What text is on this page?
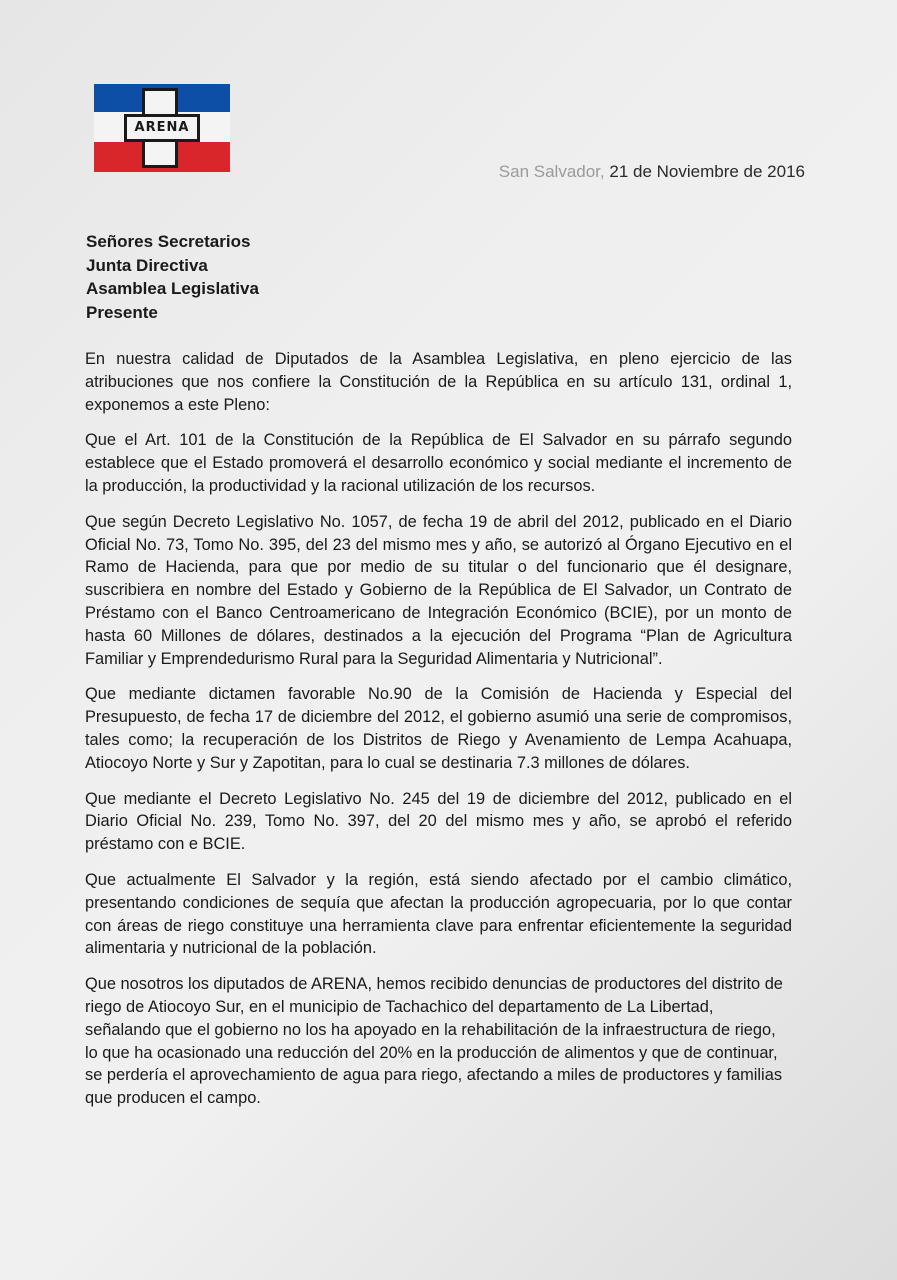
ARENA
San Salvador, 21 de Noviembre de 2016
Señores Secretarios
Junta Directiva
Asamblea Legislativa
Presente

En nuestra calidad de Diputados de la Asamblea Legislativa, en pleno ejercicio de las atribuciones que nos confiere la Constitución de la República en su artículo 131, ordinal 1, exponemos a este Pleno:

Que el Art. 101 de la Constitución de la República de El Salvador en su párrafo segundo establece que el Estado promoverá el desarrollo económico y social mediante el incremento de la producción, la productividad y la racional utilización de los recursos.

Que según Decreto Legislativo No. 1057, de fecha 19 de abril del 2012, publicado en el Diario Oficial No. 73, Tomo No. 395, del 23 del mismo mes y año, se autorizó al Órgano Ejecutivo en el Ramo de Hacienda, para que por medio de su titular o del funcionario que él designare, suscribiera en nombre del Estado y Gobierno de la República de El Salvador, un Contrato de Préstamo con el Banco Centroamericano de Integración Económico (BCIE), por un monto de hasta 60 Millones de dólares, destinados a la ejecución del Programa “Plan de Agricultura Familiar y Emprendedurismo Rural para la Seguridad Alimentaria y Nutricional”.

Que mediante dictamen favorable No.90 de la Comisión de Hacienda y Especial del Presupuesto, de fecha 17 de diciembre del 2012, el gobierno asumió una serie de compromisos, tales como; la recuperación de los Distritos de Riego y Avenamiento de Lempa Acahuapa, Atiocoyo Norte y Sur y Zapotitan, para lo cual se destinaria 7.3 millones de dólares.

Que mediante el Decreto Legislativo No. 245 del 19 de diciembre del 2012, publicado en el Diario Oficial No. 239, Tomo No. 397, del 20 del mismo mes y año, se aprobó el referido préstamo con e BCIE.

Que actualmente El Salvador y la región, está siendo afectado por el cambio climático, presentando condiciones de sequía que afectan la producción agropecuaria, por lo que contar con áreas de riego constituye una herramienta clave para enfrentar eficientemente la seguridad alimentaria y nutricional de la población.

Que nosotros los diputados de ARENA, hemos recibido denuncias de productores del distrito de riego de Atiocoyo Sur, en el municipio de Tachachico del departamento de La Libertad, señalando que el gobierno no los ha apoyado en la rehabilitación de la infraestructura de riego, lo que ha ocasionado una reducción del 20% en la producción de alimentos y que de continuar, se perdería el aprovechamiento de agua para riego, afectando a miles de productores y familias que producen el campo.
